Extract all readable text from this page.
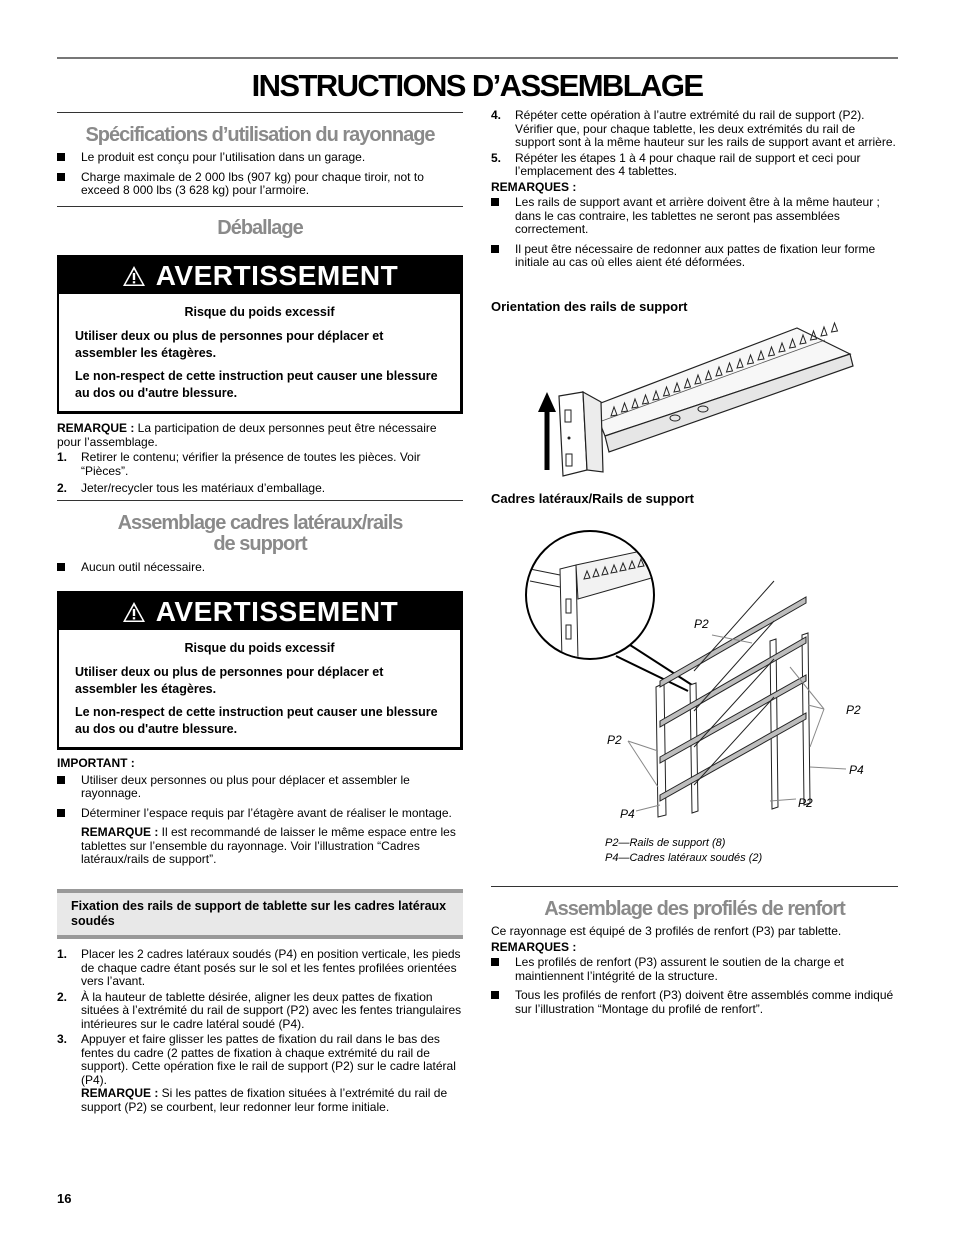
INSTRUCTIONS D’ASSEMBLAGE
Spécifications d’utilisation du rayonnage
Le produit est conçu pour l’utilisation dans un garage.
Charge maximale de 2 000 lbs (907 kg) pour chaque tiroir, not to exceed 8 000 lbs (3 628 kg) pour l’armoire.
Déballage
AVERTISSEMENT

Risque du poids excessif

Utiliser deux ou plus de personnes pour déplacer et assembler les étagères.

Le non-respect de cette instruction peut causer une blessure au dos ou d'autre blessure.

REMARQUE : La participation de deux personnes peut être nécessaire pour l’assemblage.
1. Retirer le contenu; vérifier la présence de toutes les pièces. Voir “Pièces”.
2. Jeter/recycler tous les matériaux d’emballage.
Assemblage cadres latéraux/rails
de support
Aucun outil nécessaire.
AVERTISSEMENT

Risque du poids excessif

Utiliser deux ou plus de personnes pour déplacer et assembler les étagères.

Le non-respect de cette instruction peut causer une blessure au dos ou d'autre blessure.

IMPORTANT :
Utiliser deux personnes ou plus pour déplacer et assembler le rayonnage.
Déterminer l’espace requis par l’étagère avant de réaliser le montage.
REMARQUE : Il est recommandé de laisser le même espace entre les tablettes sur l’ensemble du rayonnage. Voir l’illustration “Cadres latéraux/rails de support”.
Fixation des rails de support de tablette sur les cadres latéraux soudés
1. Placer les 2 cadres latéraux soudés (P4) en position verticale, les pieds de chaque cadre étant posés sur le sol et les fentes profilées orientées vers l’avant.
2. À la hauteur de tablette désirée, aligner les deux pattes de fixation situées à l’extrémité du rail de support (P2) avec les fentes triangulaires intérieures sur le cadre latéral soudé (P4).
3. Appuyer et faire glisser les pattes de fixation du rail dans le bas des fentes du cadre (2 pattes de fixation à chaque extrémité du rail de support). Cette opération fixe le rail de support (P2) sur le cadre latéral (P4).
REMARQUE : Si les pattes de fixation situées à l’extrémité du rail de support (P2) se courbent, leur redonner leur forme initiale.
4. Répéter cette opération à l’autre extrémité du rail de support (P2). Vérifier que, pour chaque tablette, les deux extrémités du rail de support sont à la même hauteur sur les rails de support avant et arrière.
5. Répéter les étapes 1 à 4 pour chaque rail de support et ceci pour l’emplacement des 4 tablettes.
REMARQUES :
Les rails de support avant et arrière doivent être à la même hauteur ; dans le cas contraire, les tablettes ne seront pas assemblées correctement.
Il peut être nécessaire de redonner aux pattes de fixation leur forme initiale au cas où elles aient été déformées.
Orientation des rails de support
Cadres latéraux/Rails de support
P2
P2
P2
P4
P2
P4
P2—Rails de support (8)
P4—Cadres latéraux soudés (2)
Assemblage des profilés de renfort
Ce rayonnage est équipé de 3 profilés de renfort (P3) par tablette.
REMARQUES :
Les profilés de renfort (P3) assurent le soutien de la charge et maintiennent l’intégrité de la structure.
Tous les profilés de renfort (P3) doivent être assemblés comme indiqué sur l’illustration “Montage du profilé de renfort”.
16
